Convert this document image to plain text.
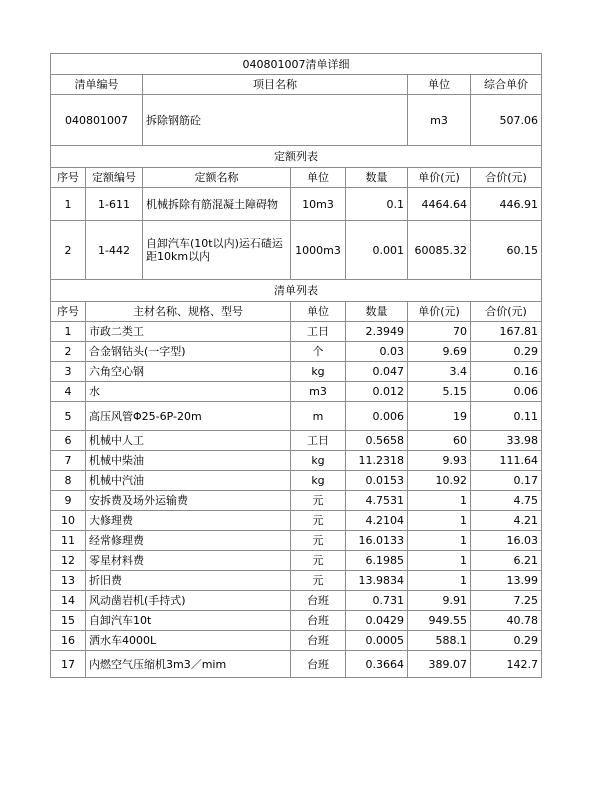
040801007清单详细						
清单编号		项目名称			单位	综合单价
040801007		拆除钢筋砼			m3	507.06
定额列表						
序号	定额编号	定额名称	单位	数量	单价(元)	合价(元)
1	1-611	机械拆除有筋混凝土障碍物	10m3	0.1	4464.64	446.91
2	1-442	自卸汽车(10t以内)运石碴运距10km以内	1000m3	0.001	60085.32	60.15
清单列表						
序号	主材名称、规格、型号		单位	数量	单价(元)	合价(元)
1	市政二类工		工日	2.3949	70	167.81
2	合金钢钻头(一字型)		个	0.03	9.69	0.29
3	六角空心钢		kg	0.047	3.4	0.16
4	水		m3	0.012	5.15	0.06
5	高压风管Φ25-6P-20m		m	0.006	19	0.11
6	机械中人工		工日	0.5658	60	33.98
7	机械中柴油		kg	11.2318	9.93	111.64
8	机械中汽油		kg	0.0153	10.92	0.17
9	安拆费及场外运输费		元	4.7531	1	4.75
10	大修理费		元	4.2104	1	4.21
11	经常修理费		元	16.0133	1	16.03
12	零星材料费		元	6.1985	1	6.21
13	折旧费		元	13.9834	1	13.99
14	风动凿岩机(手持式)		台班	0.731	9.91	7.25
15	自卸汽车10t		台班	0.0429	949.55	40.78
16	洒水车4000L		台班	0.0005	588.1	0.29
17	内燃空气压缩机3m3／mim		台班	0.3664	389.07	142.7
